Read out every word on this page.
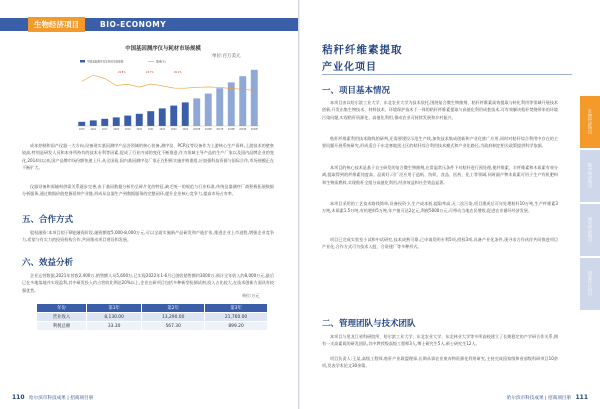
生物经济项目	BIO-ECONOMY
中国基因测序仪与耗材市场规模
单位:百万美元
中国基因测序仪及耗材市场规模	增速(%)
2015	2016	2017	2018	2019	2020	2021	2022	2023	2024 2025E 2026E 2027E 2028E 2029E 2030E
24.8%	23.7%	20.1%

成本控制和国产仪器一大方向,设备现实基因测序产品各领域的核心装备,测序仪、PCR仪等设备作为上游核心生产资料,上游技术的壁垒较高,特别是研发人员和本身所持有的技术专利等因素,促成了行业内部的变化不断推进,作为领域主导产品的生产厂家以及国内品牌企业的变化,2014年以来,国产品牌市场份额快速上升,从全国看,国内基因测序仪厂家正在积极实施并购重组,应加强科技资源与国际合作,市场规模正在不断扩大。

仪器设备和原辅料供需关系逐步完善,由于基因数据分析仍呈碎片化的特征,缺乏统一的规范与行业标准,传统仪器测序厂商积极拓展数据分析服务,通过数据价值挖掘延伸产业链,形成从仪器生产到数据服务的完整闭环,提升企业核心竞争力,提高市场占有率。

五、合作方式

股权融资:本项目拟于B轮融资阶段,融资额度5,000-8,000万元,可以全面实施新产品研发和产能扩张,推进企业上市进程,增强企业竞争力,希望与有实力的投资机构合作,共同推动项目建设和发展。

六、效益分析

企业运营数据,2021年营收2,400万,销售额人员5,600万,已实现2022年1-6月已创收销售额约3000万,预计全年收入约8,000万元,最后已在多地落地并实现盈利,其中研发投入约占营收比例达20%以上,企业在研项目包括多种新型检测试剂,投入占比较大,在技术创新方面具有较强优势。

单位:万元
年份	第1年	第2年	第3年
营业收入	8,130.00	13,290.00	21,760.00
利税总额	33.30	567.30	899.20
110 哈尔滨市科技成果 | 招商项目册
秸秆纤维素提取
产业化项目
一、项目基本情况

本项目由以哈尔滨工业大学、东北农业大学为技术依托,围绕复合微生物菌剂、秸秆纤维素高效提取与转化利用等领域开展技术创新,开发出集生物技术、材料技术、环境保护技术于一体的秸秆纤维素提取与高值化利用成套技术,可有效解决秸秆焚烧带来的环境污染问题,实现秸秆资源化、高值化利用,推动农业可持续发展和乡村振兴。

秸秆纤维素利用技术路线的研判,还需要建设示范生产线,加快技术集成创新和产业化推广应用,同时对秸秆综合利用中存在的主要问题开展系统研究,形成适合于东北寒地黑土区的秸秆综合利用技术模式和产业化路径,为政府制定相关政策提供科学依据。

本项目的核心技术是基于自主研发的复合微生物菌剂,在常温常压条件下对秸秆进行预处理,使纤维素、半纤维素和木质素有效分离,提取得到的纤维素纯度高、品质好,可广泛应用于造纸、纺织、食品、医药、化工等领域,同时副产物木质素可用于生产有机肥料和生物质燃料,实现秸秆全组分高值化利用,经济效益和社会效益显著。

本项目采用的工艺技术路线简单,设备投资少,生产成本低,提取率高,无二次污染,项目建成后可年处理秸秆10万吨,生产纤维素3万吨,木质素1.5万吨,有机肥料5万吨,年产值可达2亿元,利税5000万元,可带动当地农民增收,促进农业循环经济发展。

项目已完成实验室小试和中试研究,技术成熟可靠,已申请发明专利5项,授权3项,具备产业化条件,现寻求合作伙伴共同推进项目产业化,合作方式可为技术入股、合资建厂等多种形式。

二、管理团队与技术团队

本项目与黑龙江省科研院所、哈尔滨工业大学、东北农业大学、东北林业大学等多所高校建立了长期稳定的产学研合作关系,拥有一支高素质的研发团队,其中教授级高级工程师3人,博士研究生5人,硕士研究生12人。

项目负责人:王某,高级工程师,秸秆产业联盟理事,长期从事农业废弃物资源化利用研究,主持完成国家级和省部级科研项目10余项,发表学术论文30余篇。

生物经济项目
数字经济项目
冰雪经济项目
创意设计项目
哈尔滨市科技成果 | 招商项目册 111
